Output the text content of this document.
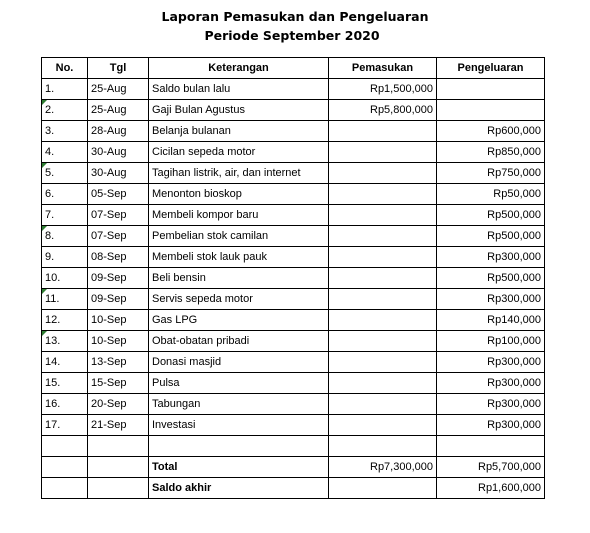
Laporan Pemasukan dan Pengeluaran
Periode September 2020
No.	Tgl	Keterangan	Pemasukan	Pengeluaran
1.	25-Aug	Saldo bulan lalu	Rp1,500,000	
2.	25-Aug	Gaji Bulan Agustus	Rp5,800,000	
3.	28-Aug	Belanja bulanan		Rp600,000
4.	30-Aug	Cicilan sepeda motor		Rp850,000
5.	30-Aug	Tagihan listrik, air, dan internet		Rp750,000
6.	05-Sep	Menonton bioskop		Rp50,000
7.	07-Sep	Membeli kompor baru		Rp500,000
8.	07-Sep	Pembelian stok camilan		Rp500,000
9.	08-Sep	Membeli stok lauk pauk		Rp300,000
10.	09-Sep	Beli bensin		Rp500,000
11.	09-Sep	Servis sepeda motor		Rp300,000
12.	10-Sep	Gas LPG		Rp140,000
13.	10-Sep	Obat-obatan pribadi		Rp100,000
14.	13-Sep	Donasi masjid		Rp300,000
15.	15-Sep	Pulsa		Rp300,000
16.	20-Sep	Tabungan		Rp300,000
17.	21-Sep	Investasi		Rp300,000

		Total	Rp7,300,000	Rp5,700,000
		Saldo akhir		Rp1,600,000
